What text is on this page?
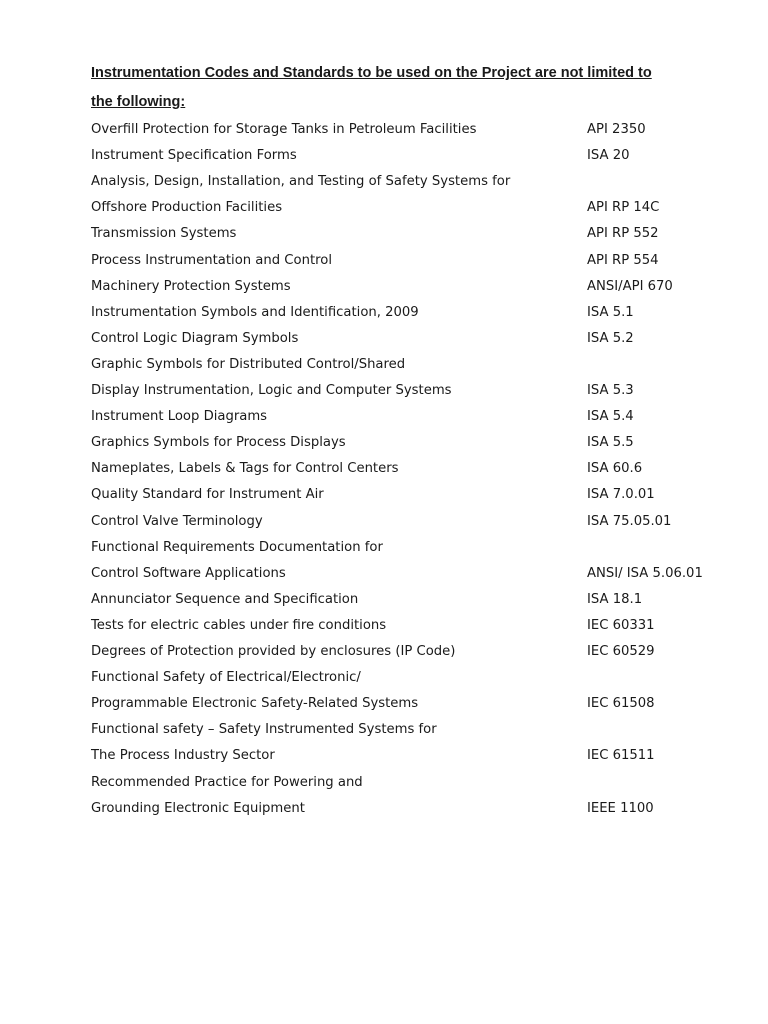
Instrumentation Codes and Standards to be used on the Project are not limited to
the following:
Overfill Protection for Storage Tanks in Petroleum Facilities	API 2350
Instrument Specification Forms	ISA 20
Analysis, Design, Installation, and Testing of Safety Systems for
Offshore Production Facilities	API RP 14C
Transmission Systems	API RP 552
Process Instrumentation and Control	API RP 554
Machinery Protection Systems	ANSI/API 670
Instrumentation Symbols and Identification, 2009	ISA 5.1
Control Logic Diagram Symbols	ISA 5.2
Graphic Symbols for Distributed Control/Shared
Display Instrumentation, Logic and Computer Systems	ISA 5.3
Instrument Loop Diagrams	ISA 5.4
Graphics Symbols for Process Displays	ISA 5.5
Nameplates, Labels & Tags for Control Centers	ISA 60.6
Quality Standard for Instrument Air	ISA 7.0.01
Control Valve Terminology	ISA 75.05.01
Functional Requirements Documentation for
Control Software Applications	ANSI/ ISA 5.06.01
Annunciator Sequence and Specification	ISA 18.1
Tests for electric cables under fire conditions	IEC 60331
Degrees of Protection provided by enclosures (IP Code)	IEC 60529
Functional Safety of Electrical/Electronic/
Programmable Electronic Safety-Related Systems	IEC 61508
Functional safety – Safety Instrumented Systems for
The Process Industry Sector	IEC 61511
Recommended Practice for Powering and
Grounding Electronic Equipment	IEEE 1100
